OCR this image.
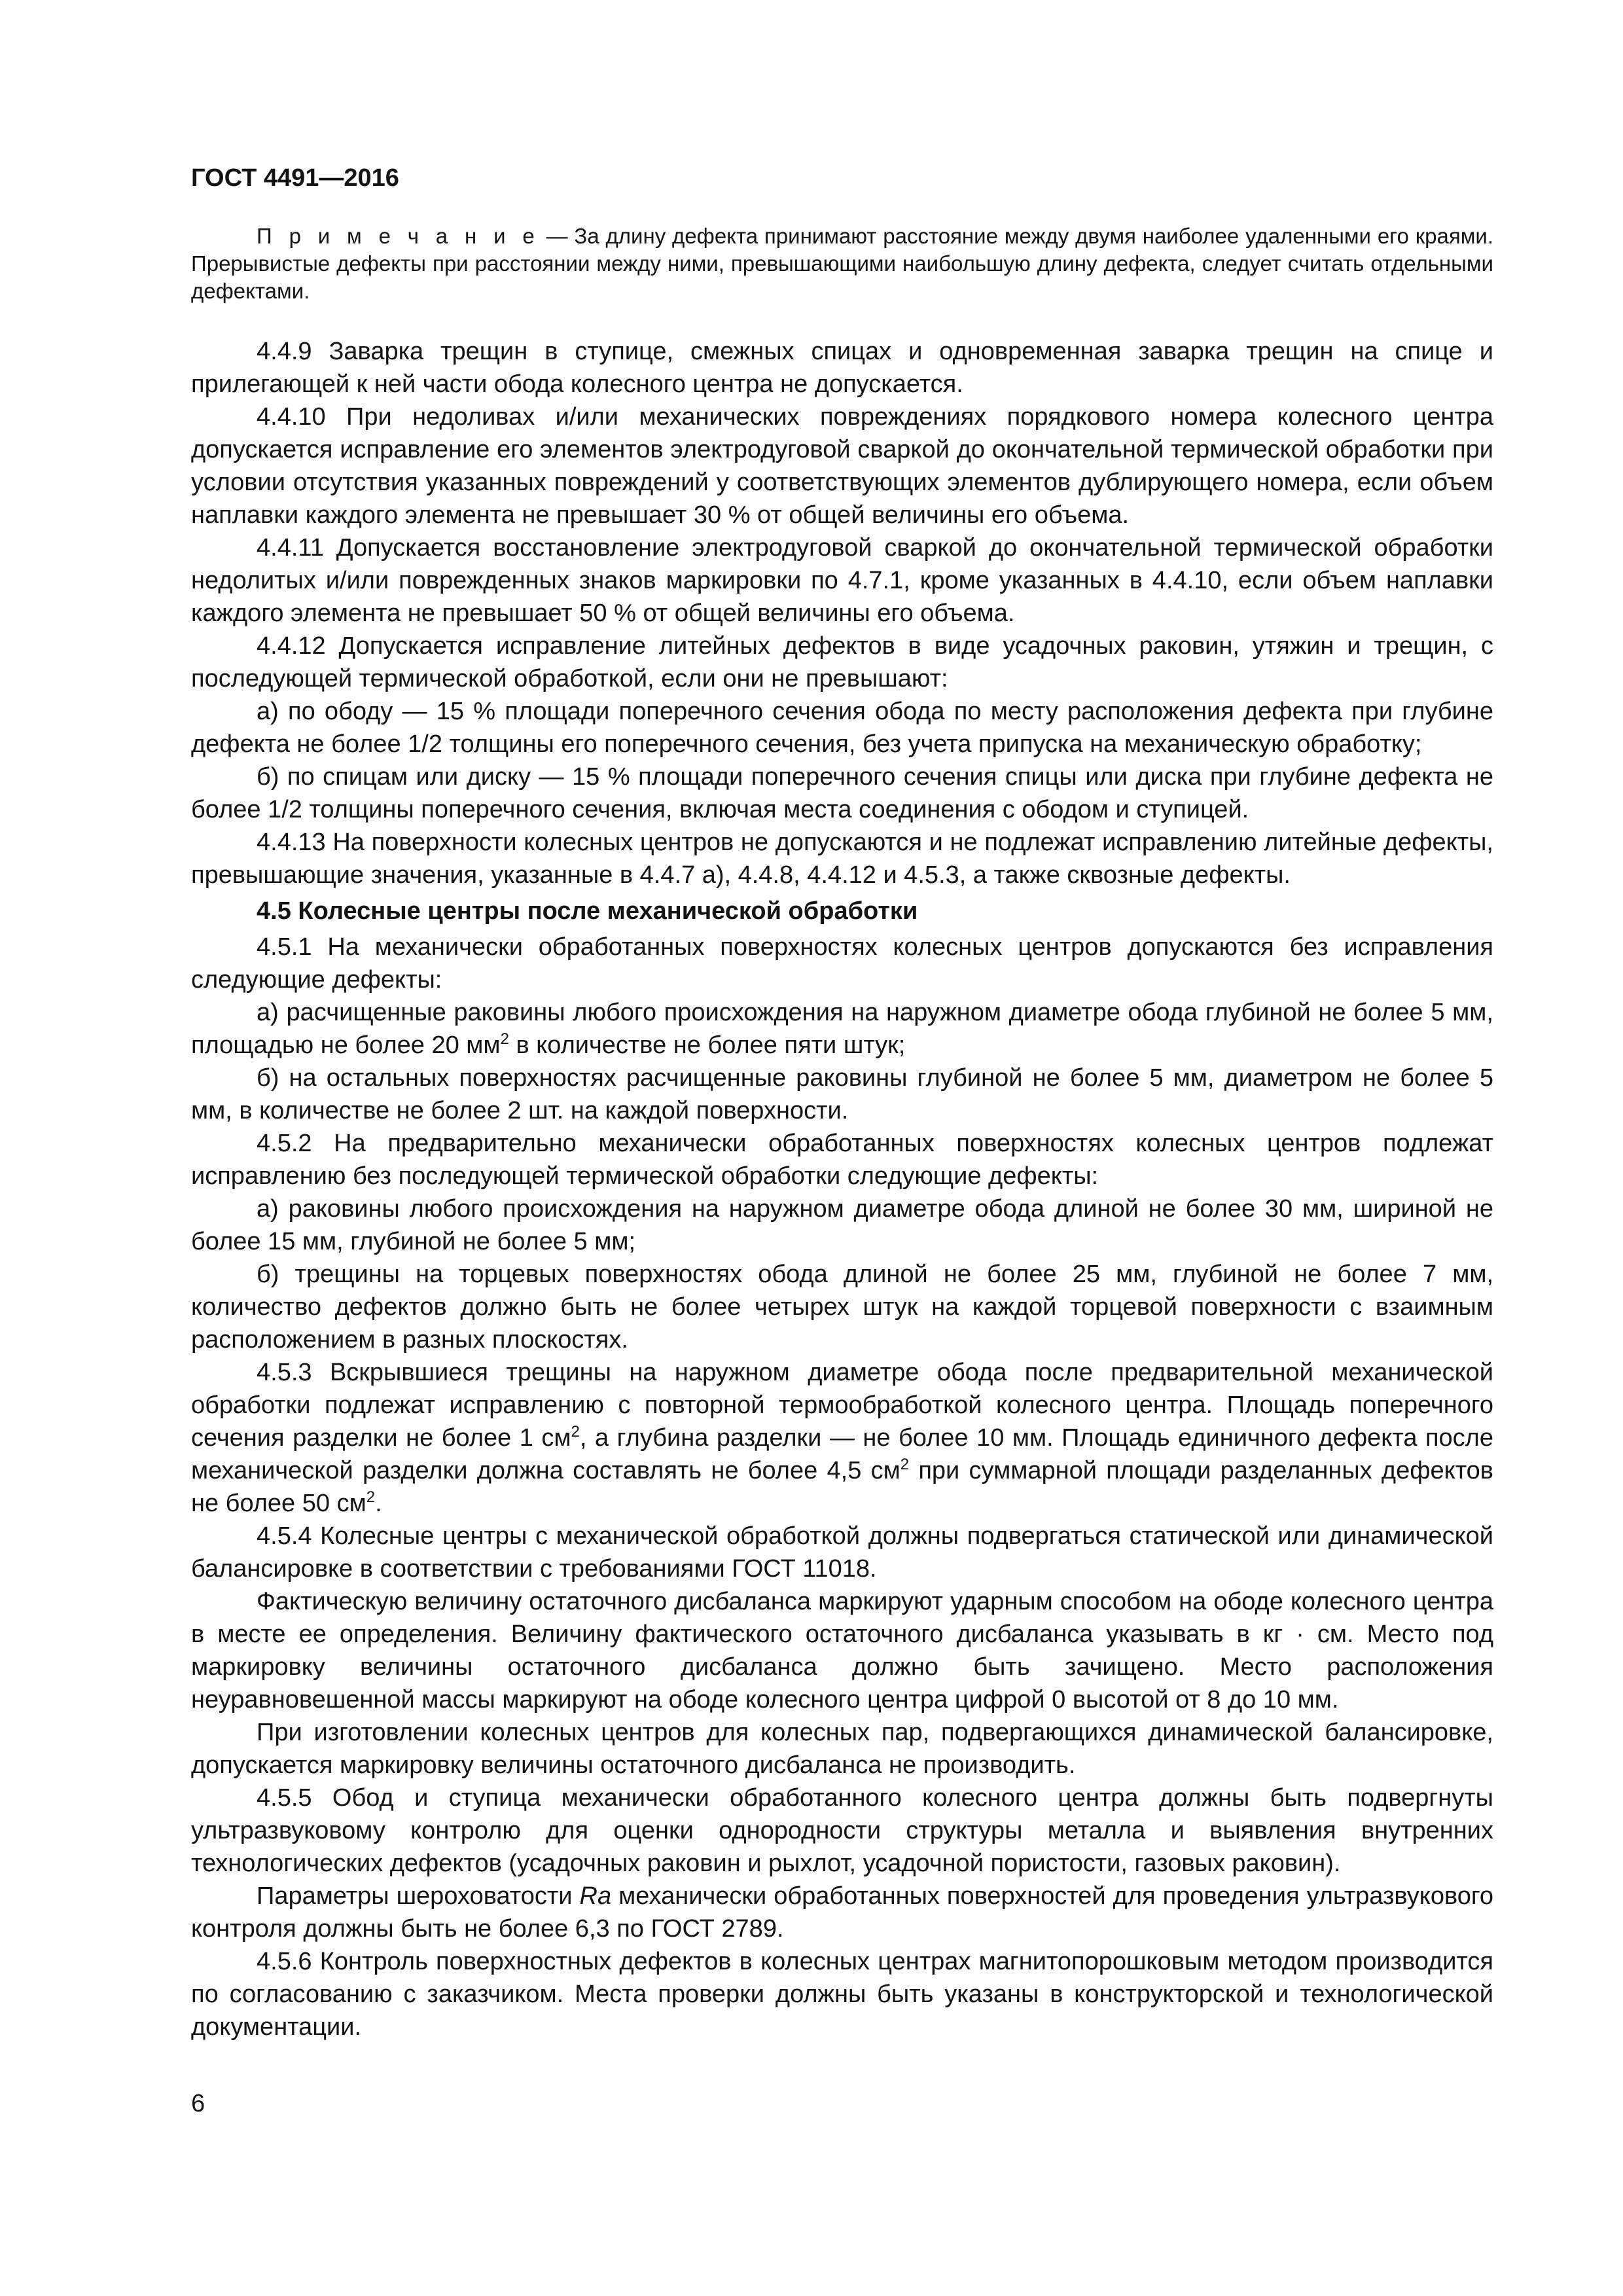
ГОСТ 4491—2016

П р и м е ч а н и е — За длину дефекта принимают расстояние между двумя наиболее удаленными его краями. Прерывистые дефекты при расстоянии между ними, превышающими наибольшую длину дефекта, следует считать отдельными дефектами.

4.4.9 Заварка трещин в ступице, смежных спицах и одновременная заварка трещин на спице и прилегающей к ней части обода колесного центра не допускается.

4.4.10 При недоливах и/или механических повреждениях порядкового номера колесного центра допускается исправление его элементов электродуговой сваркой до окончательной термической обработки при условии отсутствия указанных повреждений у соответствующих элементов дублирующего номера, если объем наплавки каждого элемента не превышает 30 % от общей величины его объема.

4.4.11 Допускается восстановление электродуговой сваркой до окончательной термической обработки недолитых и/или поврежденных знаков маркировки по 4.7.1, кроме указанных в 4.4.10, если объем наплавки каждого элемента не превышает 50 % от общей величины его объема.

4.4.12 Допускается исправление литейных дефектов в виде усадочных раковин, утяжин и трещин, с последующей термической обработкой, если они не превышают:

а) по ободу — 15 % площади поперечного сечения обода по месту расположения дефекта при глубине дефекта не более 1/2 толщины его поперечного сечения, без учета припуска на механическую обработку;

б) по спицам или диску — 15 % площади поперечного сечения спицы или диска при глубине дефекта не более 1/2 толщины поперечного сечения, включая места соединения с ободом и ступицей.

4.4.13 На поверхности колесных центров не допускаются и не подлежат исправлению литейные дефекты, превышающие значения, указанные в 4.4.7 а), 4.4.8, 4.4.12 и 4.5.3, а также сквозные дефекты.

4.5 Колесные центры после механической обработки

4.5.1 На механически обработанных поверхностях колесных центров допускаются без исправления следующие дефекты:

а) расчищенные раковины любого происхождения на наружном диаметре обода глубиной не более 5 мм, площадью не более 20 $мм^2$ в количестве не более пяти штук;

б) на остальных поверхностях расчищенные раковины глубиной не более 5 мм, диаметром не более 5 мм, в количестве не более 2 шт. на каждой поверхности.

4.5.2 На предварительно механически обработанных поверхностях колесных центров подлежат исправлению без последующей термической обработки следующие дефекты:

а) раковины любого происхождения на наружном диаметре обода длиной не более 30 мм, шириной не более 15 мм, глубиной не более 5 мм;

б) трещины на торцевых поверхностях обода длиной не более 25 мм, глубиной не более 7 мм, количество дефектов должно быть не более четырех штук на каждой торцевой поверхности с взаимным расположением в разных плоскостях.

4.5.3 Вскрывшиеся трещины на наружном диаметре обода после предварительной механической обработки подлежат исправлению с повторной термообработкой колесного центра. Площадь поперечного сечения разделки не более 1 $см^2$, а глубина разделки — не более 10 мм. Площадь единичного дефекта после механической разделки должна составлять не более 4,5 $см^2$ при суммарной площади разделанных дефектов не более 50 $см^2$.

4.5.4 Колесные центры с механической обработкой должны подвергаться статической или динамической балансировке в соответствии с требованиями ГОСТ 11018.

Фактическую величину остаточного дисбаланса маркируют ударным способом на ободе колесного центра в месте ее определения. Величину фактического остаточного дисбаланса указывать в кг · см. Место под маркировку величины остаточного дисбаланса должно быть зачищено. Место расположения неуравновешенной массы маркируют на ободе колесного центра цифрой 0 высотой от 8 до 10 мм.

При изготовлении колесных центров для колесных пар, подвергающихся динамической балансировке, допускается маркировку величины остаточного дисбаланса не производить.

4.5.5 Обод и ступица механически обработанного колесного центра должны быть подвергнуты ультразвуковому контролю для оценки однородности структуры металла и выявления внутренних технологических дефектов (усадочных раковин и рыхлот, усадочной пористости, газовых раковин).

Параметры шероховатости Ra механически обработанных поверхностей для проведения ультразвукового контроля должны быть не более 6,3 по ГОСТ 2789.

4.5.6 Контроль поверхностных дефектов в колесных центрах магнитопорошковым методом производится по согласованию с заказчиком. Места проверки должны быть указаны в конструкторской и технологической документации.

6
